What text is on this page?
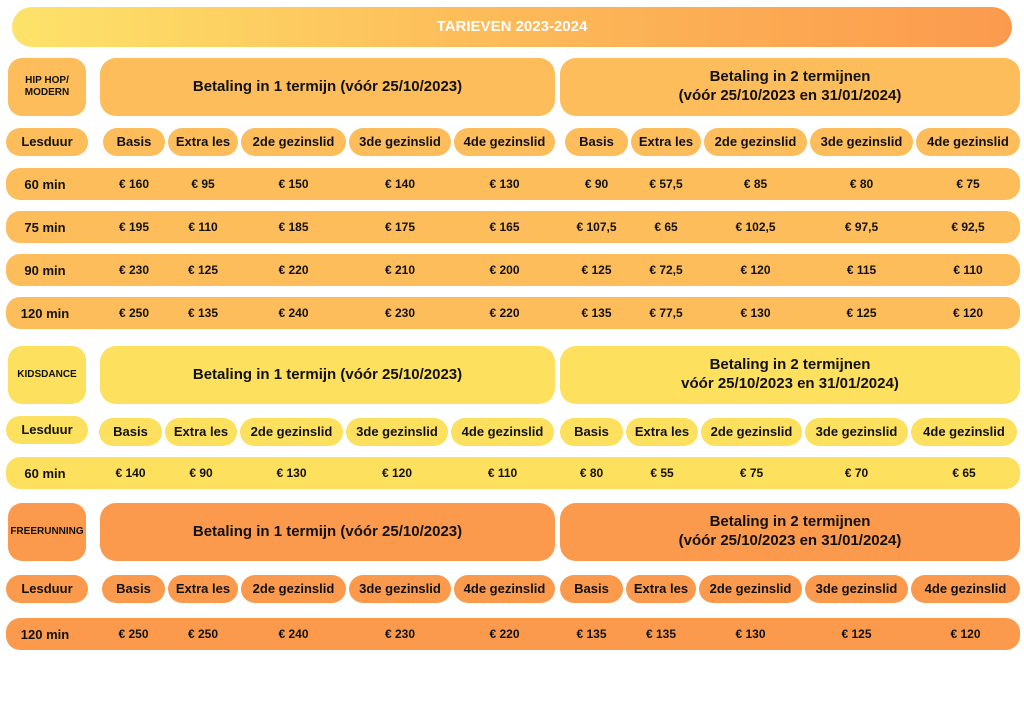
TARIEVEN 2023-2024
HIP HOP/
MODERN	Betaling in 1 termijn (vóór 25/10/2023)
Betaling in 2 termijnen
(vóór 25/10/2023 en 31/01/2024)
Lesduur	Basis	Extra les	2de gezinslid	3de gezinslid	4de gezinslid	Basis	Extra les	2de gezinslid	3de gezinslid	4de gezinslid
60 min	€ 160	€ 95	€ 150	€ 140	€ 130	€ 90	€ 57,5	€ 85	€ 80	€ 75
75 min	€ 195	€ 110	€ 185	€ 175	€ 165	€ 107,5	€ 65	€ 102,5	€ 97,5	€ 92,5
90 min	€ 230	€ 125	€ 220	€ 210	€ 200	€ 125	€ 72,5	€ 120	€ 115	€ 110
120 min	€ 250	€ 135	€ 240	€ 230	€ 220	€ 135	€ 77,5	€ 130	€ 125	€ 120
KIDSDANCE	Betaling in 1 termijn (vóór 25/10/2023)
Betaling in 2 termijnen
vóór 25/10/2023 en 31/01/2024)
Lesduur	Basis	Extra les	2de gezinslid	3de gezinslid	4de gezinslid	Basis	Extra les	2de gezinslid	3de gezinslid	4de gezinslid
60 min	€ 140	€ 90	€ 130	€ 120	€ 110	€ 80	€ 55	€ 75	€ 70	€ 65
FREERUNNING	Betaling in 1 termijn (vóór 25/10/2023)
Betaling in 2 termijnen
(vóór 25/10/2023 en 31/01/2024)
Lesduur	Basis	Extra les	2de gezinslid	3de gezinslid	4de gezinslid	Basis	Extra les	2de gezinslid	3de gezinslid	4de gezinslid
120 min	€ 250	€ 250	€ 240	€ 230	€ 220	€ 135	€ 135	€ 130	€ 125	€ 120
